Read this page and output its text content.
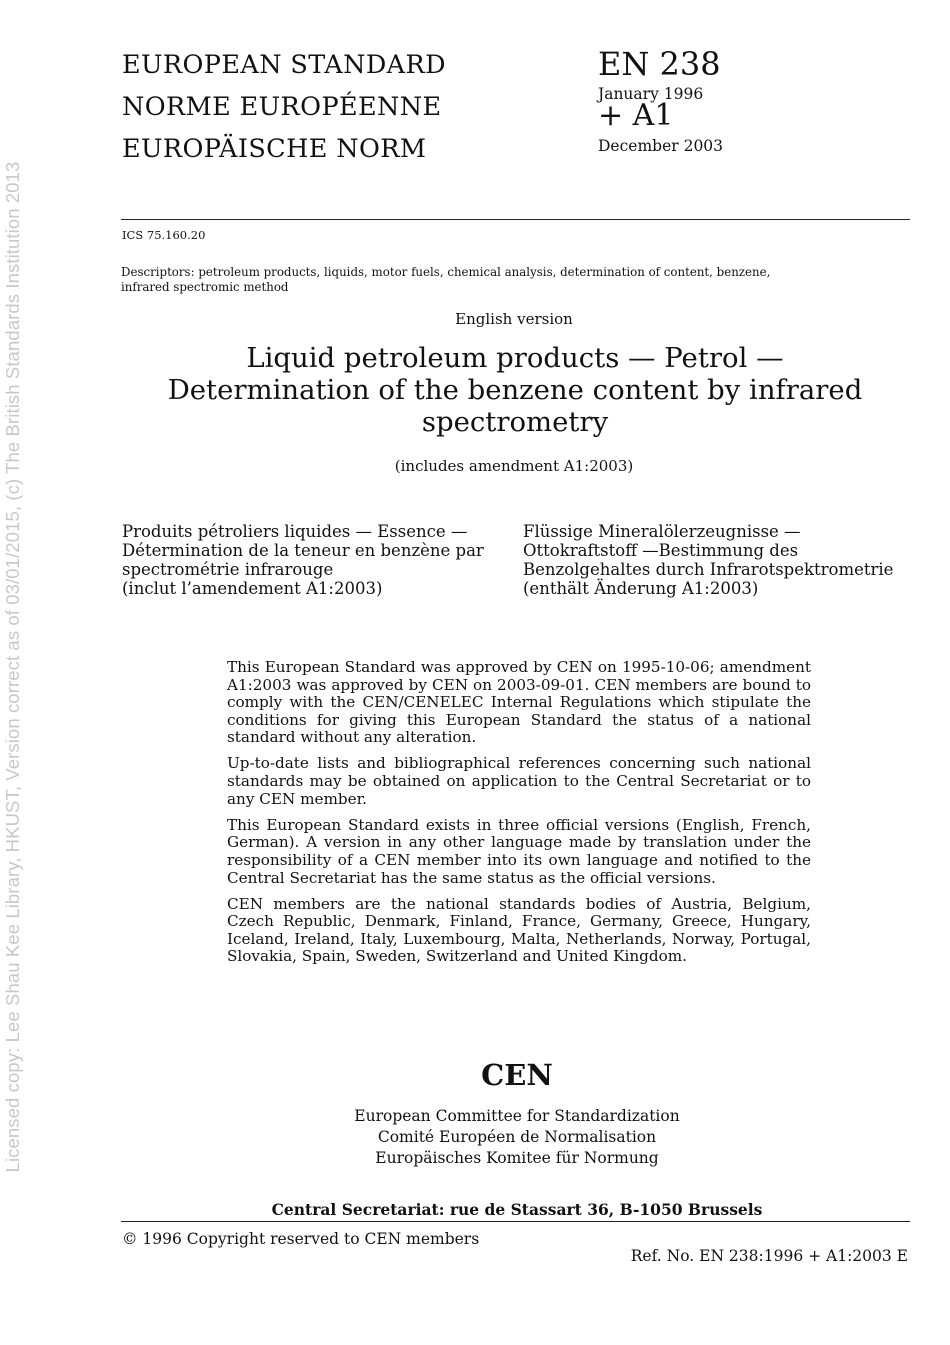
Licensed copy: Lee Shau Kee Library, HKUST, Version correct as of 03/01/2015, (c) The British Standards Institution 2013
EUROPEAN STANDARD
NORME EUROPÉENNE
EUROPÄISCHE NORM
EN 238
January 1996
+ A1
December 2003
ICS 75.160.20
Descriptors: petroleum products, liquids, motor fuels, chemical analysis, determination of content, benzene, infrared spectromic method
English version
Liquid petroleum products — Petrol — Determination of the benzene content by infrared spectrometry
(includes amendment A1:2003)
Produits pétroliers liquides — Essence —
Détermination de la teneur en benzène par
spectrométrie infrarouge
(inclut l’amendement A1:2003)
Flüssige Mineralölerzeugnisse —
Ottokraftstoff —Bestimmung des
Benzolgehaltes durch Infrarotspektrometrie
(enthält Änderung A1:2003)

This European Standard was approved by CEN on 1995-10-06; amendment A1:2003 was approved by CEN on 2003-09-01. CEN members are bound to comply with the CEN/CENELEC Internal Regulations which stipulate the conditions for giving this European Standard the status of a national standard without any alteration.

Up-to-date lists and bibliographical references concerning such national standards may be obtained on application to the Central Secretariat or to any CEN member.

This European Standard exists in three official versions (English, French, German). A version in any other language made by translation under the responsibility of a CEN member into its own language and notified to the Central Secretariat has the same status as the official versions.

CEN members are the national standards bodies of Austria, Belgium, Czech Republic, Denmark, Finland, France, Germany, Greece, Hungary, Iceland, Ireland, Italy, Luxembourg, Malta, Netherlands, Norway, Portugal, Slovakia, Spain, Sweden, Switzerland and United Kingdom.

CEN
European Committee for Standardization
Comité Européen de Normalisation
Europäisches Komitee für Normung
Central Secretariat: rue de Stassart 36, B-1050 Brussels
© 1996 Copyright reserved to CEN members
Ref. No. EN 238:1996 + A1:2003 E
